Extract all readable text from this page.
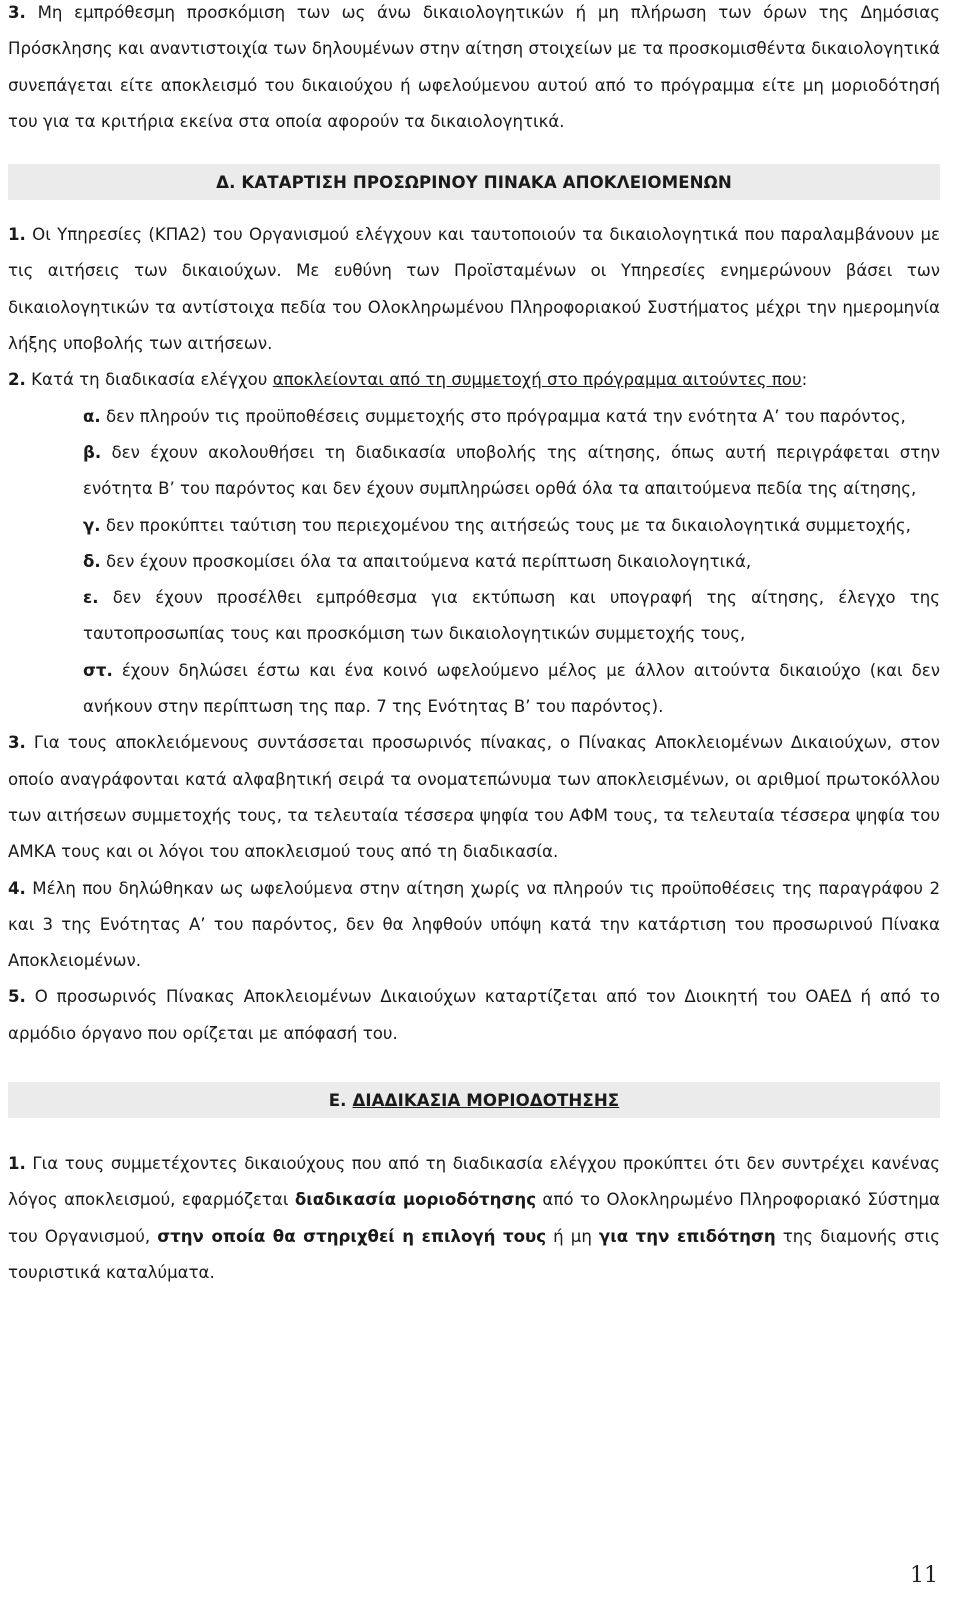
3. Μη εμπρόθεσμη προσκόμιση των ως άνω δικαιολογητικών ή μη πλήρωση των όρων της Δημόσιας Πρόσκλησης και αναντιστοιχία των δηλουμένων στην αίτηση στοιχείων με τα προσκομισθέντα δικαιολογητικά συνεπάγεται είτε αποκλεισμό του δικαιούχου ή ωφελούμενου αυτού από το πρόγραμμα είτε μη μοριοδότησή του για τα κριτήρια εκείνα στα οποία αφορούν τα δικαιολογητικά.

Δ. ΚΑΤΑΡΤΙΣΗ ΠΡΟΣΩΡΙΝΟΥ ΠΙΝΑΚΑ ΑΠΟΚΛΕΙΟΜΕΝΩΝ

1. Οι Υπηρεσίες (ΚΠΑ2) του Οργανισμού ελέγχουν και ταυτοποιούν τα δικαιολογητικά που παραλαμβάνουν με τις αιτήσεις των δικαιούχων. Με ευθύνη των Προϊσταμένων οι Υπηρεσίες ενημερώνουν βάσει των δικαιολογητικών τα αντίστοιχα πεδία του Ολοκληρωμένου Πληροφοριακού Συστήματος μέχρι την ημερομηνία λήξης υποβολής των αιτήσεων.

2. Κατά τη διαδικασία ελέγχου αποκλείονται από τη συμμετοχή στο πρόγραμμα αιτούντες που:

α. δεν πληρούν τις προϋποθέσεις συμμετοχής στο πρόγραμμα κατά την ενότητα Α’ του παρόντος,

β. δεν έχουν ακολουθήσει τη διαδικασία υποβολής της αίτησης, όπως αυτή περιγράφεται στην ενότητα Β’ του παρόντος και δεν έχουν συμπληρώσει ορθά όλα τα απαιτούμενα πεδία της αίτησης,

γ. δεν προκύπτει ταύτιση του περιεχομένου της αιτήσεώς τους με τα δικαιολογητικά συμμετοχής,

δ. δεν έχουν προσκομίσει όλα τα απαιτούμενα κατά περίπτωση δικαιολογητικά,

ε. δεν έχουν προσέλθει εμπρόθεσμα για εκτύπωση και υπογραφή της αίτησης, έλεγχο της ταυτοπροσωπίας τους και προσκόμιση των δικαιολογητικών συμμετοχής τους,

στ. έχουν δηλώσει έστω και ένα κοινό ωφελούμενο μέλος με άλλον αιτούντα δικαιούχο (και δεν ανήκουν στην περίπτωση της παρ. 7 της Ενότητας Β’ του παρόντος).

3. Για τους αποκλειόμενους συντάσσεται προσωρινός πίνακας, ο Πίνακας Αποκλειομένων Δικαιούχων, στον οποίο αναγράφονται κατά αλφαβητική σειρά τα ονοματεπώνυμα των αποκλεισμένων, οι αριθμοί πρωτοκόλλου των αιτήσεων συμμετοχής τους, τα τελευταία τέσσερα ψηφία του ΑΦΜ τους, τα τελευταία τέσσερα ψηφία του ΑΜΚΑ τους και οι λόγοι του αποκλεισμού τους από τη διαδικασία.

4. Μέλη που δηλώθηκαν ως ωφελούμενα στην αίτηση χωρίς να πληρούν τις προϋποθέσεις της παραγράφου 2 και 3 της Ενότητας Α’ του παρόντος, δεν θα ληφθούν υπόψη κατά την κατάρτιση του προσωρινού Πίνακα Αποκλειομένων.

5. Ο προσωρινός Πίνακας Αποκλειομένων Δικαιούχων καταρτίζεται από τον Διοικητή του ΟΑΕΔ ή από το αρμόδιο όργανο που ορίζεται με απόφασή του.

Ε. ΔΙΑΔΙΚΑΣΙΑ ΜΟΡΙΟΔΟΤΗΣΗΣ

1. Για τους συμμετέχοντες δικαιούχους που από τη διαδικασία ελέγχου προκύπτει ότι δεν συντρέχει κανένας λόγος αποκλεισμού, εφαρμόζεται διαδικασία μοριοδότησης από το Ολοκληρωμένο Πληροφοριακό Σύστημα του Οργανισμού, στην οποία θα στηριχθεί η επιλογή τους ή μη για την επιδότηση της διαμονής στις τουριστικά καταλύματα.

11
